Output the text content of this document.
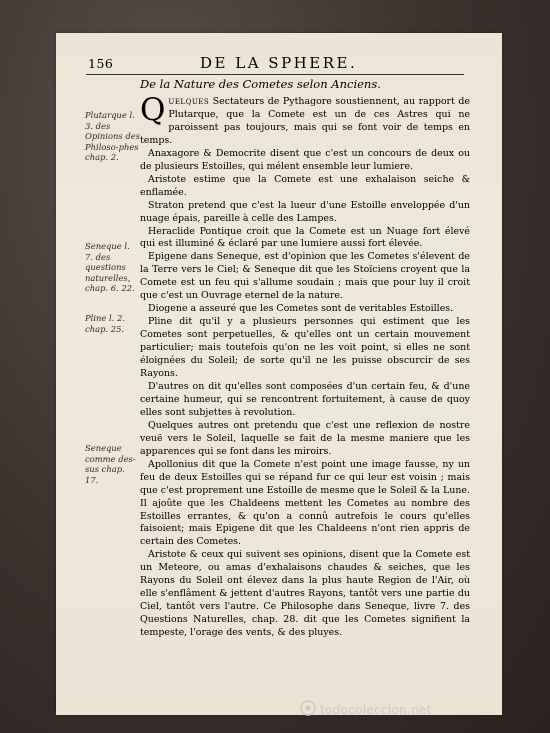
156	DE LA SPHERE.
De la Nature des Cometes selon Anciens.
Plutarque l. 3. des Opinions des Philoso-phes chap. 2.
Seneque l. 7. des questions naturelles, chap. 6. 22.
Pline l. 2. chap. 25.
Seneque comme des-sus chap. 17.

Quelques Sectateurs de Pythagore soustiennent, au rapport de Plutarque, que la Comete est un de ces Astres qui ne paroissent pas toujours, mais qui se font voir de temps en temps.

Anaxagore & Democrite disent que c'est un concours de deux ou de plusieurs Estoilles, qui mélent ensemble leur lumiere.

Aristote estime que la Comete est une exhalaison seiche & enflamée.

Straton pretend que c'est la lueur d'une Estoille enveloppée d'un nuage épais, pareille à celle des Lampes.

Heraclide Pontique croit que la Comete est un Nuage fort élevé qui est illuminé & éclaré par une lumiere aussi fort élevée.

Epigene dans Seneque, est d'opinion que les Cometes s'élevent de la Terre vers le Ciel; & Seneque dit que les Stoïciens croyent que la Comete est un feu qui s'allume soudain ; mais que pour luy il croit que c'est un Ouvrage eternel de la nature.

Diogene a asseuré que les Cometes sont de veritables Estoilles.

Pline dit qu'il y a plusieurs personnes qui estiment que les Cometes sont perpetuelles, & qu'elles ont un certain mouvement particulier; mais toutefois qu'on ne les voit point, si elles ne sont éloignées du Soleil; de sorte qu'il ne les puisse obscurcir de ses Rayons.

D'autres on dit qu'elles sont composées d'un certain feu, & d'une certaine humeur, qui se rencontrent fortuitement, à cause de quoy elles sont subjettes à revolution.

Quelques autres ont pretendu que c'est une reflexion de nostre veuë vers le Soleil, laquelle se fait de la mesme maniere que les apparences qui se font dans les miroirs.

Apollonius dit que la Comete n'est point une image fausse, ny un feu de deux Estoilles qui se répand fur ce qui leur est voisin ; mais que c'est proprement une Estoille de mesme que le Soleil & la Lune. Il ajoûte que les Chaldeens mettent les Cometes au nombre des Estoilles errantes, & qu'on a connû autrefois le cours qu'elles faisoient; mais Epigene dit que les Chaldeens n'ont rien appris de certain des Cometes.

Aristote & ceux qui suivent ses opinions, disent que la Comete est un Meteore, ou amas d'exhalaisons chaudes & seiches, que les Rayons du Soleil ont élevez dans la plus haute Region de l'Air, où elle s'enflâment & jettent d'autres Rayons, tantôt vers une partie du Ciel, tantôt vers l'autre. Ce Philosophe dans Seneque, livre 7. des Questions Naturelles, chap. 28. dit que les Cometes signifient la tempeste, l'orage des vents, & des pluyes.

todocoleccion.net
